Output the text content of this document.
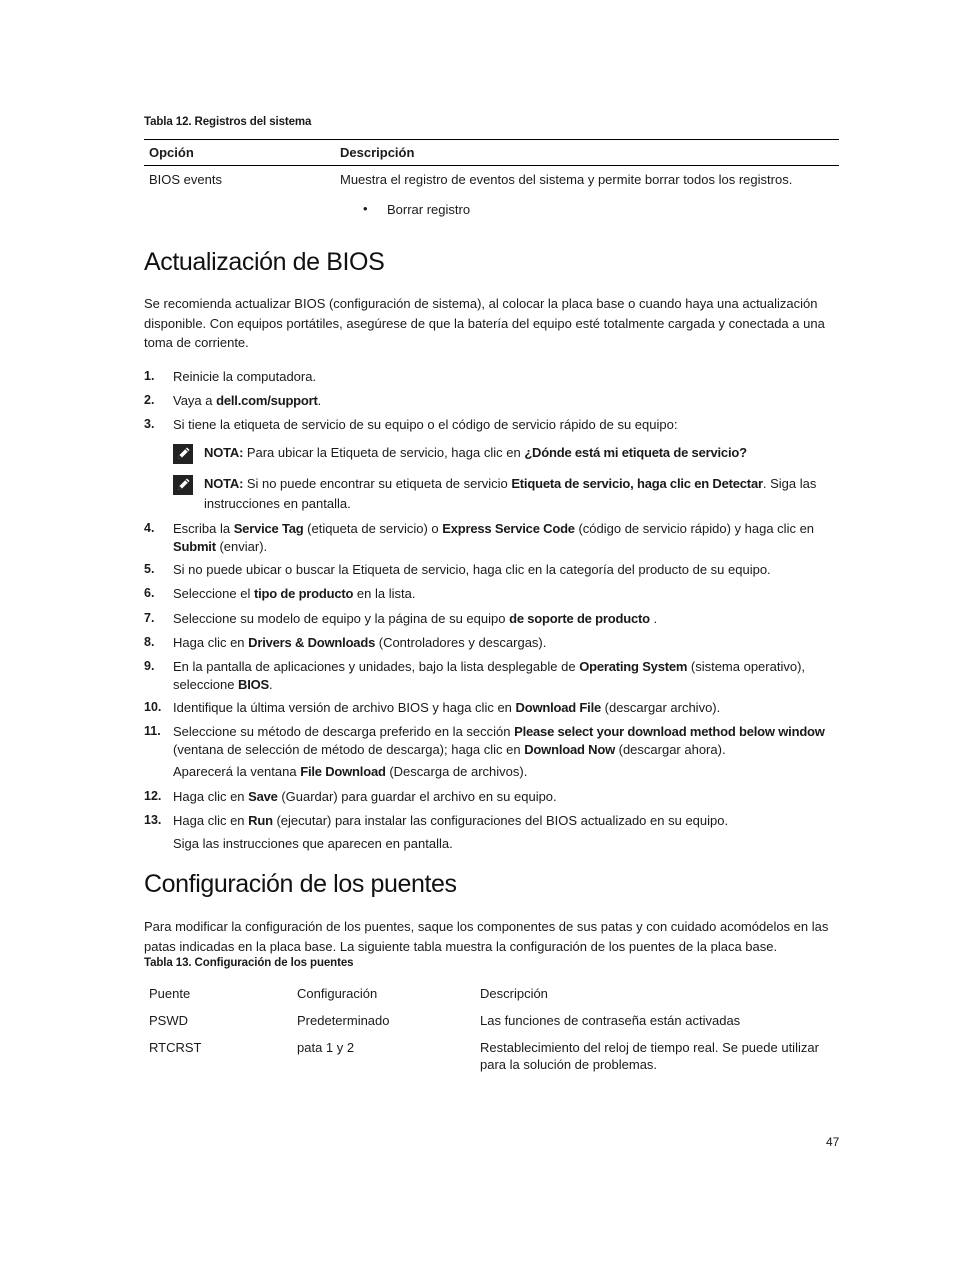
Tabla 12. Registros del sistema
Opción	Descripción
BIOS events	Muestra el registro de eventos del sistema y permite borrar todos los registros.
• Borrar registro
Actualización de BIOS
Se recomienda actualizar BIOS (configuración de sistema), al colocar la placa base o cuando haya una actualización disponible. Con equipos portátiles, asegúrese de que la batería del equipo esté totalmente cargada y conectada a una toma de corriente.
1. Reinicie la computadora.
2. Vaya a dell.com/support.
3. Si tiene la etiqueta de servicio de su equipo o el código de servicio rápido de su equipo:
4. Escriba la Service Tag (etiqueta de servicio) o Express Service Code (código de servicio rápido) y haga clic en Submit (enviar).
5. Si no puede ubicar o buscar la Etiqueta de servicio, haga clic en la categoría del producto de su equipo.
6. Seleccione el tipo de producto en la lista.
7. Seleccione su modelo de equipo y la página de su equipo de soporte de producto .
8. Haga clic en Drivers & Downloads (Controladores y descargas).
9. En la pantalla de aplicaciones y unidades, bajo la lista desplegable de Operating System (sistema operativo), seleccione BIOS.
10. Identifique la última versión de archivo BIOS y haga clic en Download File (descargar archivo).
11. Seleccione su método de descarga preferido en la sección Please select your download method below window (ventana de selección de método de descarga); haga clic en Download Now (descargar ahora).
Aparecerá la ventana File Download (Descarga de archivos).
12. Haga clic en Save (Guardar) para guardar el archivo en su equipo.
13. Haga clic en Run (ejecutar) para instalar las configuraciones del BIOS actualizado en su equipo.
Siga las instrucciones que aparecen en pantalla.
NOTA: Para ubicar la Etiqueta de servicio, haga clic en ¿Dónde está mi etiqueta de servicio?
NOTA: Si no puede encontrar su etiqueta de servicio Etiqueta de servicio, haga clic en Detectar. Siga las instrucciones en pantalla.
Configuración de los puentes
Para modificar la configuración de los puentes, saque los componentes de sus patas y con cuidado acomódelos en las patas indicadas en la placa base. La siguiente tabla muestra la configuración de los puentes de la placa base.
Tabla 13. Configuración de los puentes
Puente	Configuración	Descripción
PSWD	Predeterminado	Las funciones de contraseña están activadas
RTCRST	pata 1 y 2	Restablecimiento del reloj de tiempo real. Se puede utilizar para la solución de problemas.
47
